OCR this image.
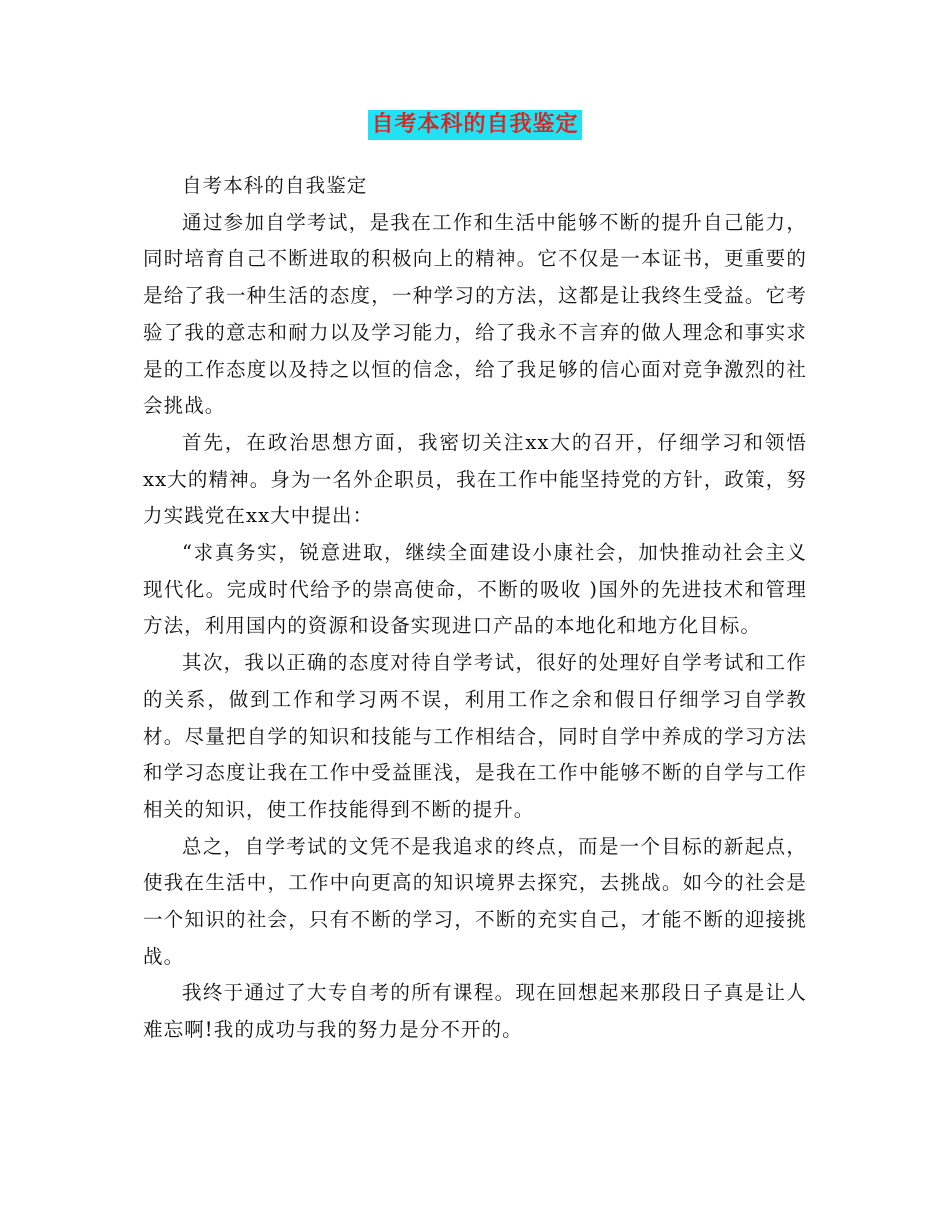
自考本科的自我鉴定

自考本科的自我鉴定

通过参加自学考试，是我在工作和生活中能够不断的提升自己能力，同时培育自己不断进取的积极向上的精神。它不仅是一本证书，更重要的是给了我一种生活的态度，一种学习的方法，这都是让我终生受益。它考验了我的意志和耐力以及学习能力，给了我永不言弃的做人理念和事实求是的工作态度以及持之以恒的信念，给了我足够的信心面对竞争激烈的社会挑战。

首先，在政治思想方面，我密切关注xx大的召开，仔细学习和领悟xx大的精神。身为一名外企职员，我在工作中能坚持党的方针，政策，努力实践党在xx大中提出：

“求真务实，锐意进取，继续全面建设小康社会，加快推动社会主义现代化。完成时代给予的崇高使命，不断的吸收 )国外的先进技术和管理方法，利用国内的资源和设备实现进口产品的本地化和地方化目标。

其次，我以正确的态度对待自学考试，很好的处理好自学考试和工作的关系，做到工作和学习两不误，利用工作之余和假日仔细学习自学教材。尽量把自学的知识和技能与工作相结合，同时自学中养成的学习方法和学习态度让我在工作中受益匪浅，是我在工作中能够不断的自学与工作相关的知识，使工作技能得到不断的提升。

总之，自学考试的文凭不是我追求的终点，而是一个目标的新起点，使我在生活中，工作中向更高的知识境界去探究，去挑战。如今的社会是一个知识的社会，只有不断的学习，不断的充实自己，才能不断的迎接挑战。

我终于通过了大专自考的所有课程。现在回想起来那段日子真是让人难忘啊!我的成功与我的努力是分不开的。
